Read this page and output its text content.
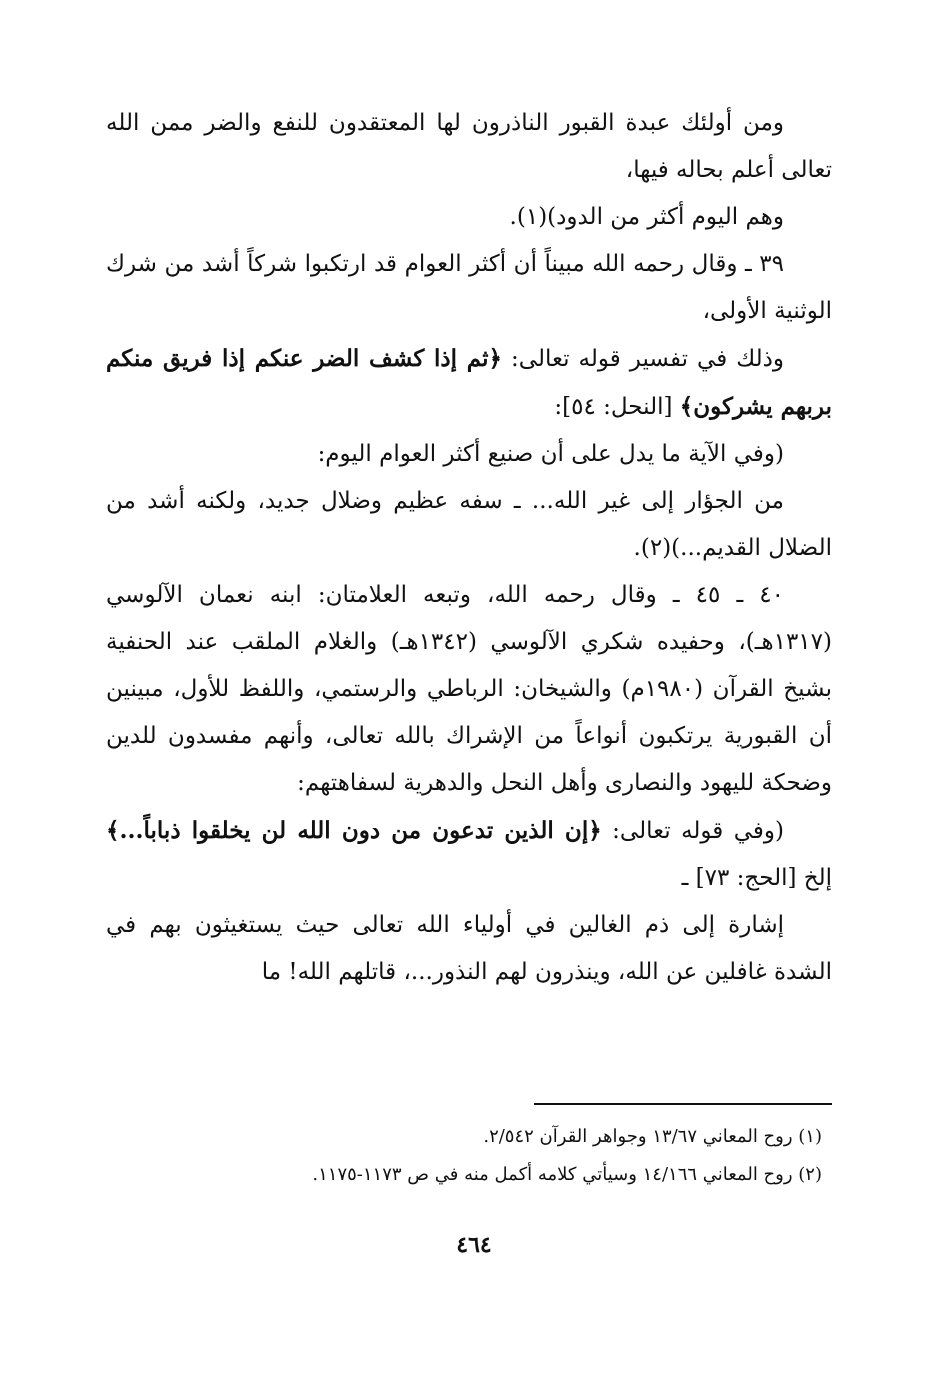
ومن أولئك عبدة القبور الناذرون لها المعتقدون للنفع والضر ممن الله تعالى أعلم بحاله فيها،

وهم اليوم أكثر من الدود)(١).

٣٩ ـ وقال رحمه الله مبيناً أن أكثر العوام قد ارتكبوا شركاً أشد من شرك الوثنية الأولى،

وذلك في تفسير قوله تعالى: ﴿ثم إذا كشف الضر عنكم إذا فريق منكم بربهم يشركون﴾ [النحل: ٥٤]:

(وفي الآية ما يدل على أن صنيع أكثر العوام اليوم:

من الجؤار إلى غير الله... ـ سفه عظيم وضلال جديد، ولكنه أشد من الضلال القديم...)(٢).

٤٠ ـ ٤٥ ـ وقال رحمه الله، وتبعه العلامتان: ابنه نعمان الآلوسي (١٣١٧هـ)، وحفيده شكري الآلوسي (١٣٤٢هـ) والغلام الملقب عند الحنفية بشيخ القرآن (١٩٨٠م) والشيخان: الرباطي والرستمي، واللفظ للأول، مبينين أن القبورية يرتكبون أنواعاً من الإشراك بالله تعالى، وأنهم مفسدون للدين وضحكة لليهود والنصارى وأهل النحل والدهرية لسفاهتهم:

(وفي قوله تعالى: ﴿إن الذين تدعون من دون الله لن يخلقوا ذباباً...﴾ إلخ [الحج: ٧٣] ـ

إشارة إلى ذم الغالين في أولياء الله تعالى حيث يستغيثون بهم في الشدة غافلين عن الله، وينذرون لهم النذور...، قاتلهم الله! ما

(١) روح المعاني ١٣/٦٧ وجواهر القرآن ٢/٥٤٢.

(٢) روح المعاني ١٤/١٦٦ وسيأتي كلامه أكمل منه في ص ١١٧٣-١١٧٥.

٤٦٤
